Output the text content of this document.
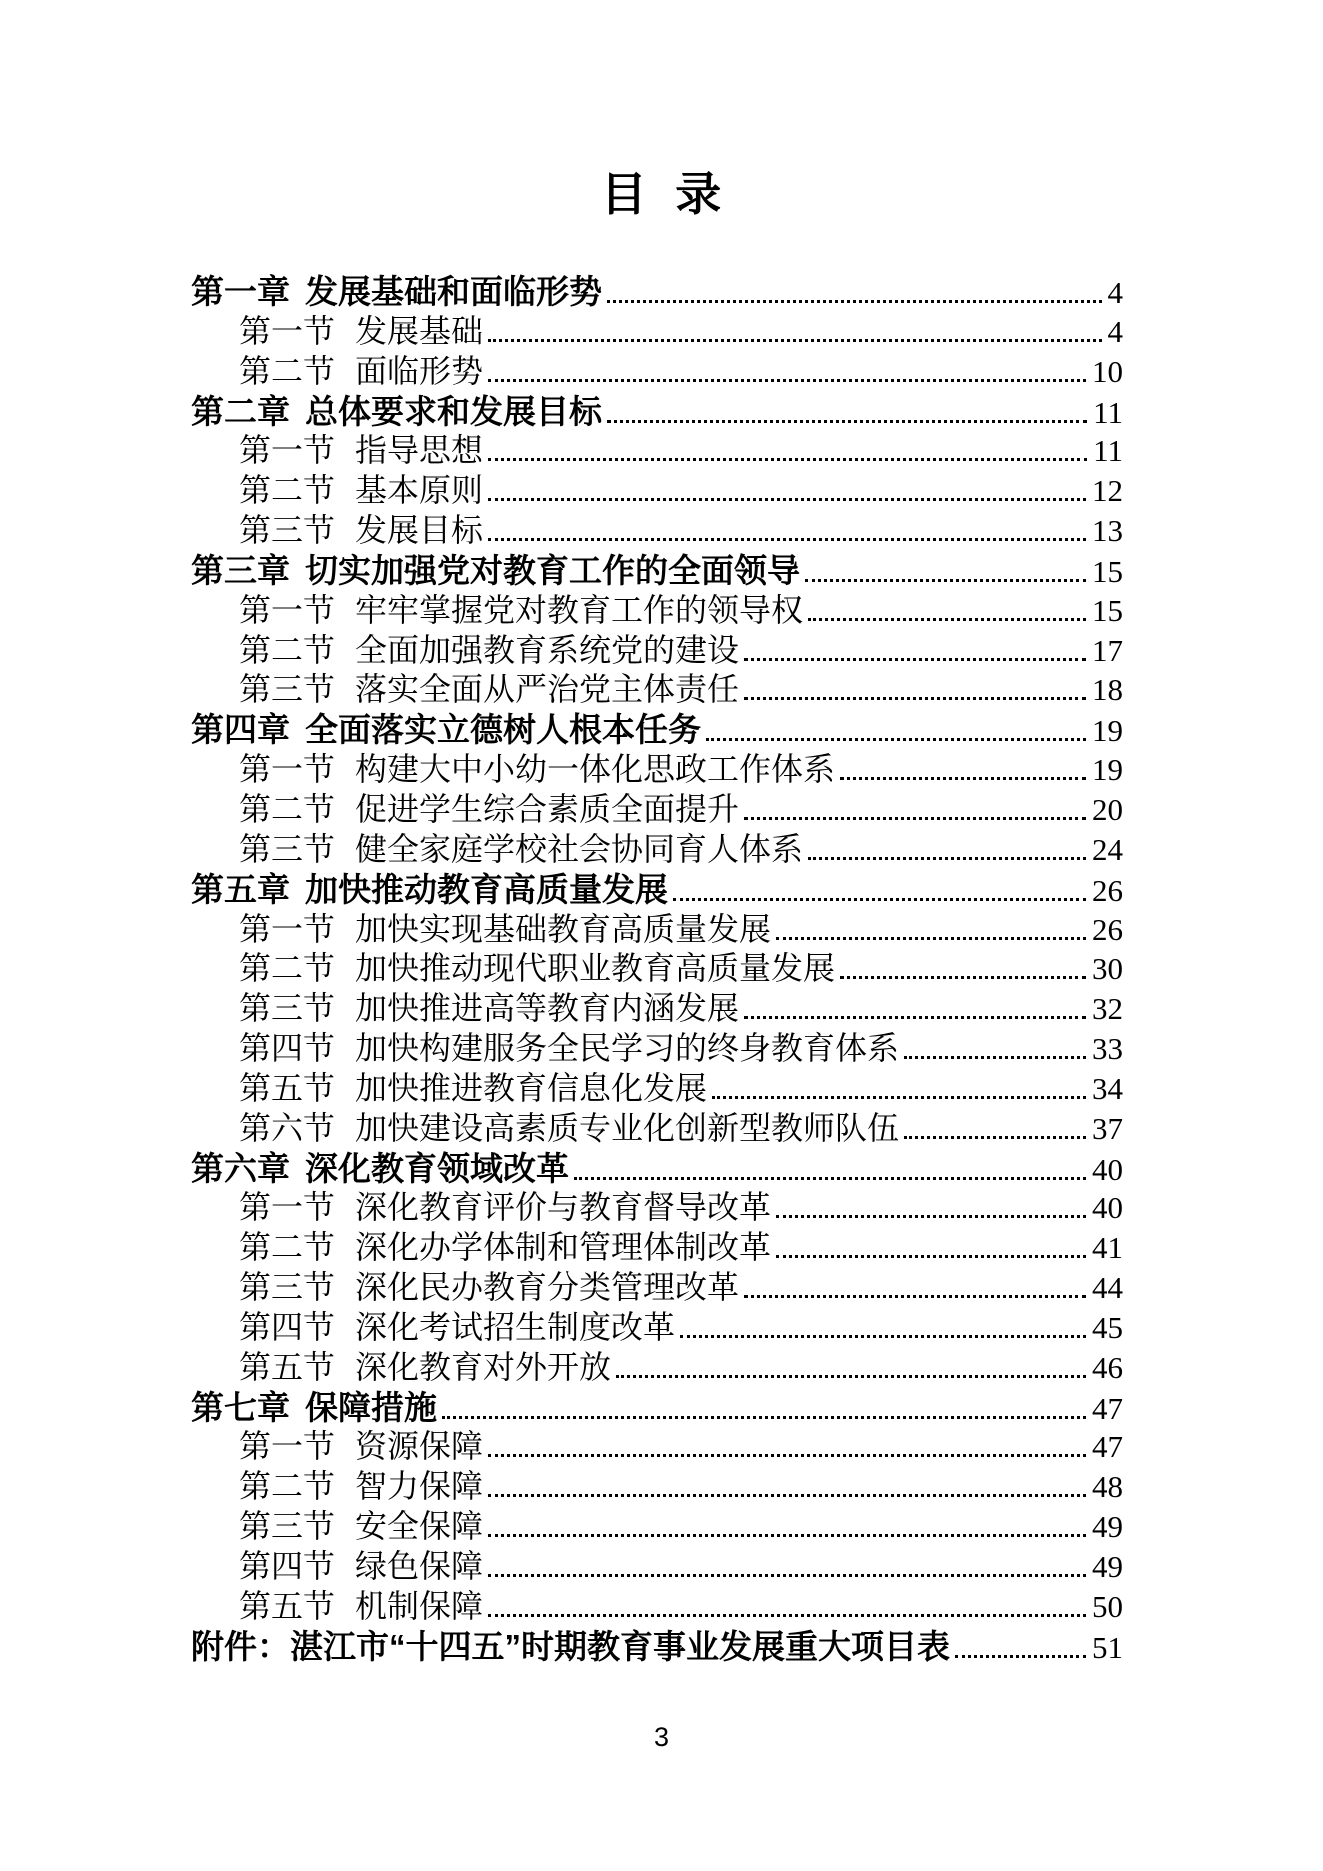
目  录
第一章 发展基础和面临形势	4
第一节 发展基础	4
第二节 面临形势	10
第二章 总体要求和发展目标	11
第一节 指导思想	11
第二节 基本原则	12
第三节 发展目标	13
第三章 切实加强党对教育工作的全面领导	15
第一节 牢牢掌握党对教育工作的领导权	15
第二节 全面加强教育系统党的建设	17
第三节 落实全面从严治党主体责任	18
第四章 全面落实立德树人根本任务	19
第一节 构建大中小幼一体化思政工作体系	19
第二节 促进学生综合素质全面提升	20
第三节 健全家庭学校社会协同育人体系	24
第五章 加快推动教育高质量发展	26
第一节 加快实现基础教育高质量发展	26
第二节 加快推动现代职业教育高质量发展	30
第三节 加快推进高等教育内涵发展	32
第四节 加快构建服务全民学习的终身教育体系	33
第五节 加快推进教育信息化发展	34
第六节 加快建设高素质专业化创新型教师队伍	37
第六章 深化教育领域改革	40
第一节 深化教育评价与教育督导改革	40
第二节 深化办学体制和管理体制改革	41
第三节 深化民办教育分类管理改革	44
第四节 深化考试招生制度改革	45
第五节 深化教育对外开放	46
第七章 保障措施	47
第一节 资源保障	47
第二节 智力保障	48
第三节 安全保障	49
第四节 绿色保障	49
第五节 机制保障	50
附件： 湛江市“十四五”时期教育事业发展重大项目表	51
3
